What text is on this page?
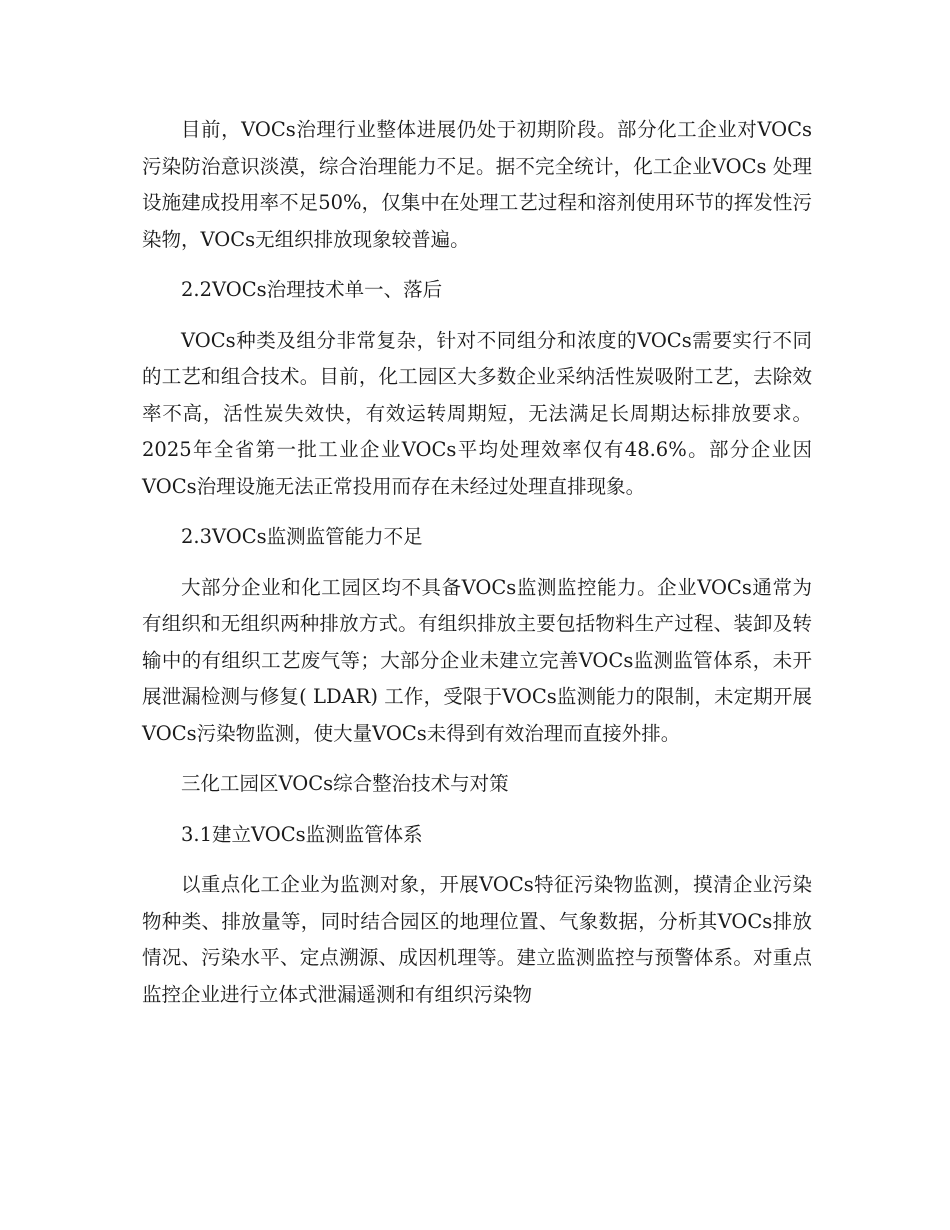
目前，VOCs治理行业整体进展仍处于初期阶段。部分化工企业对VOCs污染防治意识淡漠，综合治理能力不足。据不完全统计，化工企业VOCs 处理设施建成投用率不足50%，仅集中在处理工艺过程和溶剂使用环节的挥发性污染物，VOCs无组织排放现象较普遍。

2.2VOCs治理技术单一、落后

VOCs种类及组分非常复杂，针对不同组分和浓度的VOCs需要实行不同的工艺和组合技术。目前，化工园区大多数企业采纳活性炭吸附工艺，去除效率不高，活性炭失效快，有效运转周期短，无法满足长周期达标排放要求。2025年全省第一批工业企业VOCs平均处理效率仅有48.6%。部分企业因VOCs治理设施无法正常投用而存在未经过处理直排现象。

2.3VOCs监测监管能力不足

大部分企业和化工园区均不具备VOCs监测监控能力。企业VOCs通常为有组织和无组织两种排放方式。有组织排放主要包括物料生产过程、装卸及转输中的有组织工艺废气等；大部分企业未建立完善VOCs监测监管体系，未开展泄漏检测与修复( LDAR) 工作，受限于VOCs监测能力的限制，未定期开展VOCs污染物监测，使大量VOCs未得到有效治理而直接外排。

三化工园区VOCs综合整治技术与对策

3.1建立VOCs监测监管体系

以重点化工企业为监测对象，开展VOCs特征污染物监测，摸清企业污染物种类、排放量等，同时结合园区的地理位置、气象数据，分析其VOCs排放情况、污染水平、定点溯源、成因机理等。建立监测监控与预警体系。对重点监控企业进行立体式泄漏遥测和有组织污染物
